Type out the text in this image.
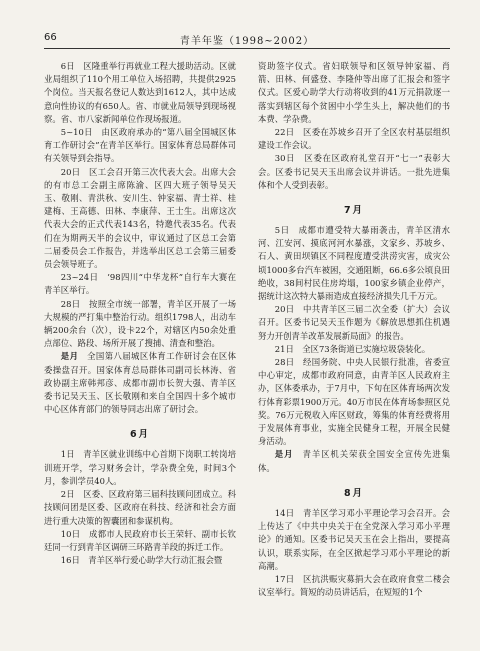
66	青羊年鉴（1998~2002）

6日　区隆重举行再就业工程大援助活动。区就业局组织了110个用工单位入场招聘，共提供2925个岗位。当天报名登记人数达到1612人，其中达成意向性协议的有650人。省、市就业局领导到现场视察。省、市八家新闻单位作现场报道。

5~10日　由区政府承办的“第八届全国城区体育工作研讨会”在青羊区举行。国家体育总局群体司有关领导到会指导。

20日　区工会召开第三次代表大会。出席大会的有市总工会副主席陈渝、区四大班子领导吴天玉、敬刚、青洪秋、安川生、钟家福、青士祥、桂建梅、王高德、田林、李康萍、王士生。出席这次代表大会的正式代表143名，特邀代表35名。代表们在为期两天半的会议中，审议通过了区总工会第二届委员会工作报告，并选举出区总工会第三届委员会领导班子。

23~24日　’98四川“中华龙杯”自行车大赛在青羊区举行。

28日　按照全市统一部署，青羊区开展了一场大规模的严打集中整治行动。组织1798人，出动车辆200余台（次），设卡22个，对辖区内50余处重点部位、路段、场所开展了搜捕、清查和整治。

是月　 全国第八届城区体育工作研讨会在区体委操盘召开。国家体育总局群体司副司长林涛、省政协副主席韩邦彦、成都市副市长贺大强、青羊区委书记吴天玉、区长敬刚和来自全国四十多个城市中心区体育部门的领导同志出席了研讨会。

6月

1日　青羊区就业训练中心首期下岗职工转岗培训班开学，学习财务会计，学杂费全免，时间3个月，参训学员40人。

2日　区委、区政府第三届科技顾问团成立。科技顾问团是区委、区政府在科技、经济和社会方面进行重大决策的智囊团和参谋机构。

10日　成都市人民政府市长王荣轩、副市长钦廷同一行到青羊区调研三环路青羊段的拆迁工作。

16日　青羊区举行爱心助学大行动汇报会暨

资助签字仪式。省妇联领导和区领导钟家福、肖箭、田林、何盛登、李隆仲等出席了汇报会和签字仪式。区爱心助学大行动将收到的41万元捐款逐一落实到辖区每个贫困中小学生头上，解决他们的书本费、学杂费。

22日　区委在苏坡乡召开了全区农村基层组织建设工作会议。

30日　区委在区政府礼堂召开“七一”表彰大会。区委书记吴天玉出席会议并讲话。一批先进集体和个人受到表彰。

7月

5日　成都市遭受特大暴雨袭击，青羊区清水河、江安河、摸底河河水暴涨，文家乡、苏坡乡、石人、黄田坝镇区不同程度遭受洪涝灾害，成灾公顷1000多台汽车被困，交通阻断，66.6多公顷良田绝收，38间村民住房垮塌，100家乡镇企业停产，据统计这次特大暴雨造成直接经济损失几千万元。

20日　中共青羊区三届二次全委（扩大）会议召开。区委书记吴天玉作题为《解放思想抓住机遇努力开创青羊改革发展新局面》的报告。

21日　全区73条街道已实施垃圾袋装化。

28日　经国务院、中央人民银行批准，省委宣中心审定，成都市政府同意，由青羊区人民政府主办，区体委承办，于7月中，下旬在区体育场两次发行体育彩票1900万元。40万市民在体育场参照区兑奖。76万元税收入库区财政，筹集的体育经费将用于发展体育事业，实施全民健身工程，开展全民健身活动。

是月　 青羊区机关荣获全国安全宣传先进集体。

8月

14日　青羊区学习邓小平理论学习会召开。会上传达了《中共中央关于在全党深入学习邓小平理论》的通知。区委书记吴天玉在会上指出，要提高认识，联系实际，在全区掀起学习邓小平理论的新高潮。

17日　区抗洪赈灾募捐大会在政府食堂二楼会议室举行。简短的动员讲话后，在短短的1个
